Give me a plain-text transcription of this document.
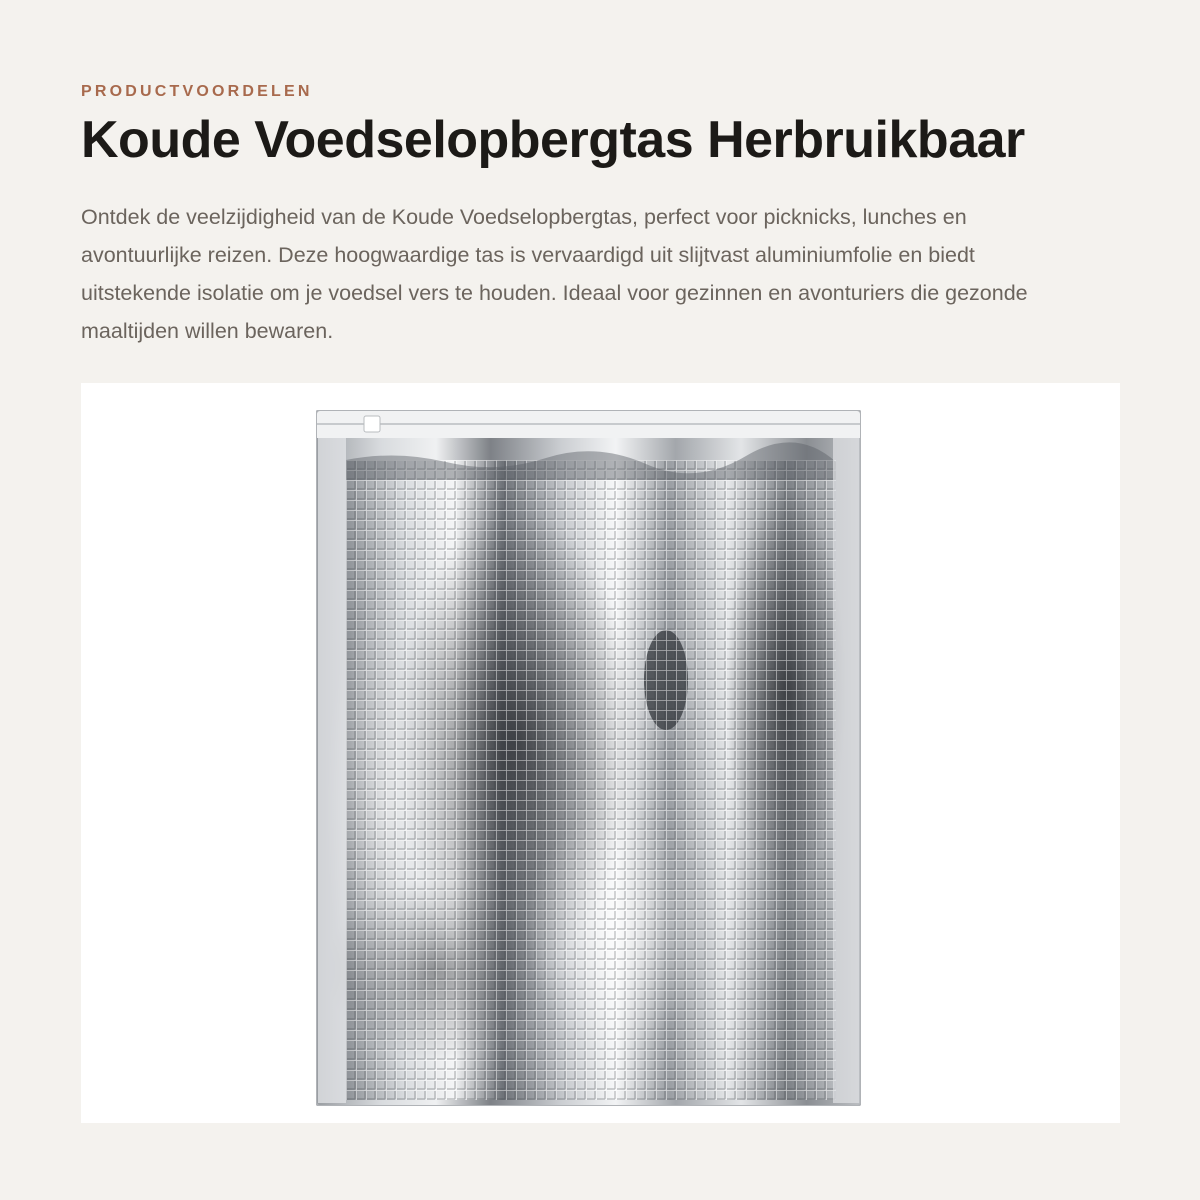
PRODUCTVOORDELEN
Koude Voedselopbergtas Herbruikbaar

Ontdek de veelzijdigheid van de Koude Voedselopbergtas, perfect voor picknicks, lunches en avontuurlijke reizen. Deze hoogwaardige tas is vervaardigd uit slijtvast aluminiumfolie en biedt uitstekende isolatie om je voedsel vers te houden. Ideaal voor gezinnen en avonturiers die gezonde maaltijden willen bewaren.
